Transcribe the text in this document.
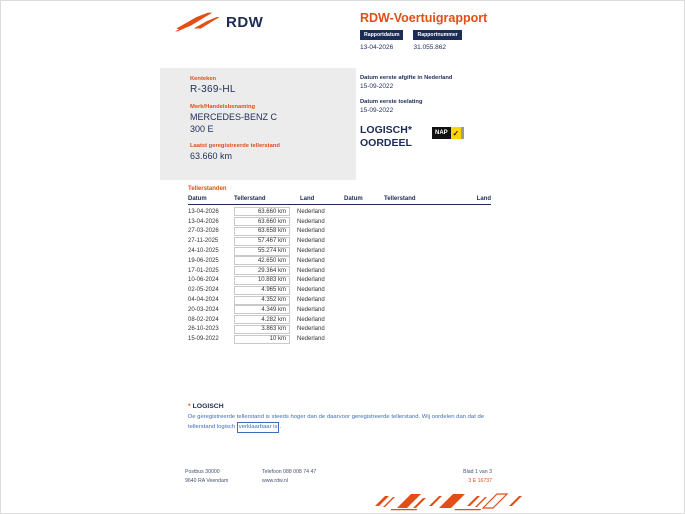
RDW	RDW-Voertuigrapport
Rapportdatum
13-04-2026
Rapportnummer
31.055.862
Kenteken
R-369-HL
Merk/Handelsbenaming
MERCEDES-BENZ C
300 E
Laatst geregistreerde tellerstand
63.660 km
Datum eerste afgifte in Nederland
15-09-2022
Datum eerste toelating
15-09-2022
LOGISCH*
OORDEEL
NAP ✓
Tellerstanden
Datum	Tellerstand	Land	Datum	Tellerstand	Land
13-04-2026	63.660 km	Nederland
13-04-2026	63.660 km	Nederland
27-03-2026	63.658 km	Nederland
27-11-2025	57.467 km	Nederland
24-10-2025	55.274 km	Nederland
19-06-2025	42.650 km	Nederland
17-01-2025	29.364 km	Nederland
10-06-2024	10.883 km	Nederland
02-05-2024	4.965 km	Nederland
04-04-2024	4.352 km	Nederland
20-03-2024	4.349 km	Nederland
08-02-2024	4.282 km	Nederland
26-10-2023	3.863 km	Nederland
15-09-2022	10 km	Nederland
* LOGISCH
De geregistreerde tellerstand is steeds hoger dan de daarvoor geregistreerde tellerstand. Wij oordelen dan dat de tellerstand logisch verklaarbaar is .
Postbus 30000
9640 RA Veendam
Telefoon 088 008 74 47
www.rdw.nl
Blad 1 van 3
3 E 16737
